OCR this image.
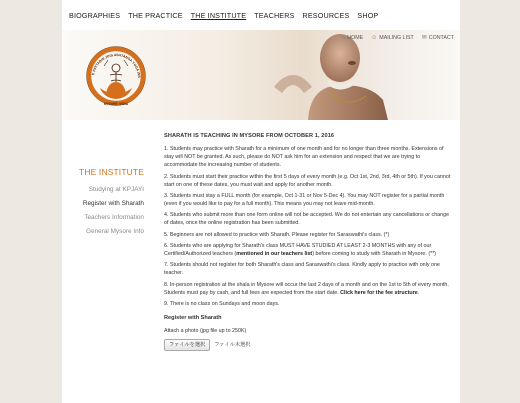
BIOGRAPHIES THE PRACTICE THE INSTITUTE TEACHERS RESOURCES SHOP
K PATTABHI JOIS ASHTANGA YOGA INS
MYSORE, INDIA
⌂ HOME ☺ MAILING LIST ✉ CONTACT
THE INSTITUTE
Studying at KPJAYI
Register with Sharath
Teachers Information
General Mysore Info
SHARATH IS TEACHING IN MYSORE FROM OCTOBER 1, 2016

1. Students may practice with Sharath for a minimum of one month and for no longer than three months. Extensions of stay will NOT be granted. As such, please do NOT ask him for an extension and respect that we are trying to accommodate the increasing number of students.

2. Students must start their practice within the first 5 days of every month (e.g. Oct 1st, 2nd, 3rd, 4th or 5th). If you cannot start on one of these dates, you must wait and apply for another month.

3. Students must stay a FULL month (for example, Oct 1-31 or Nov 5-Dec 4). You may NOT register for a partial month (even if you would like to pay for a full month). This means you may not leave mid-month.

4. Students who submit more than one form online will not be accepted. We do not entertain any cancellations or change of dates, once the online registration has been submitted.

5. Beginners are not allowed to practice with Sharath. Please register for Saraswathi's class. (*)

6. Students who are applying for Sharath's class MUST HAVE STUDIED AT LEAST 2-3 MONTHS with any of our Certified/Authorized teachers (mentioned in our teachers list) before coming to study with Sharath in Mysore. (**)

7. Students should not register for both Sharath's class and Saraswathi's class. Kindly apply to practice with only one teacher.

8. In-person registration at the shala in Mysore will occur the last 2 days of a month and on the 1st to 5th of every month. Students must pay by cash, and full fees are expected from the start date. Click here for the fee structure.

9. There is no class on Sundays and moon days.

Register with Sharath

Attach a photo (jpg file up to 250K)

ファイルを選択	ファイル未選択
